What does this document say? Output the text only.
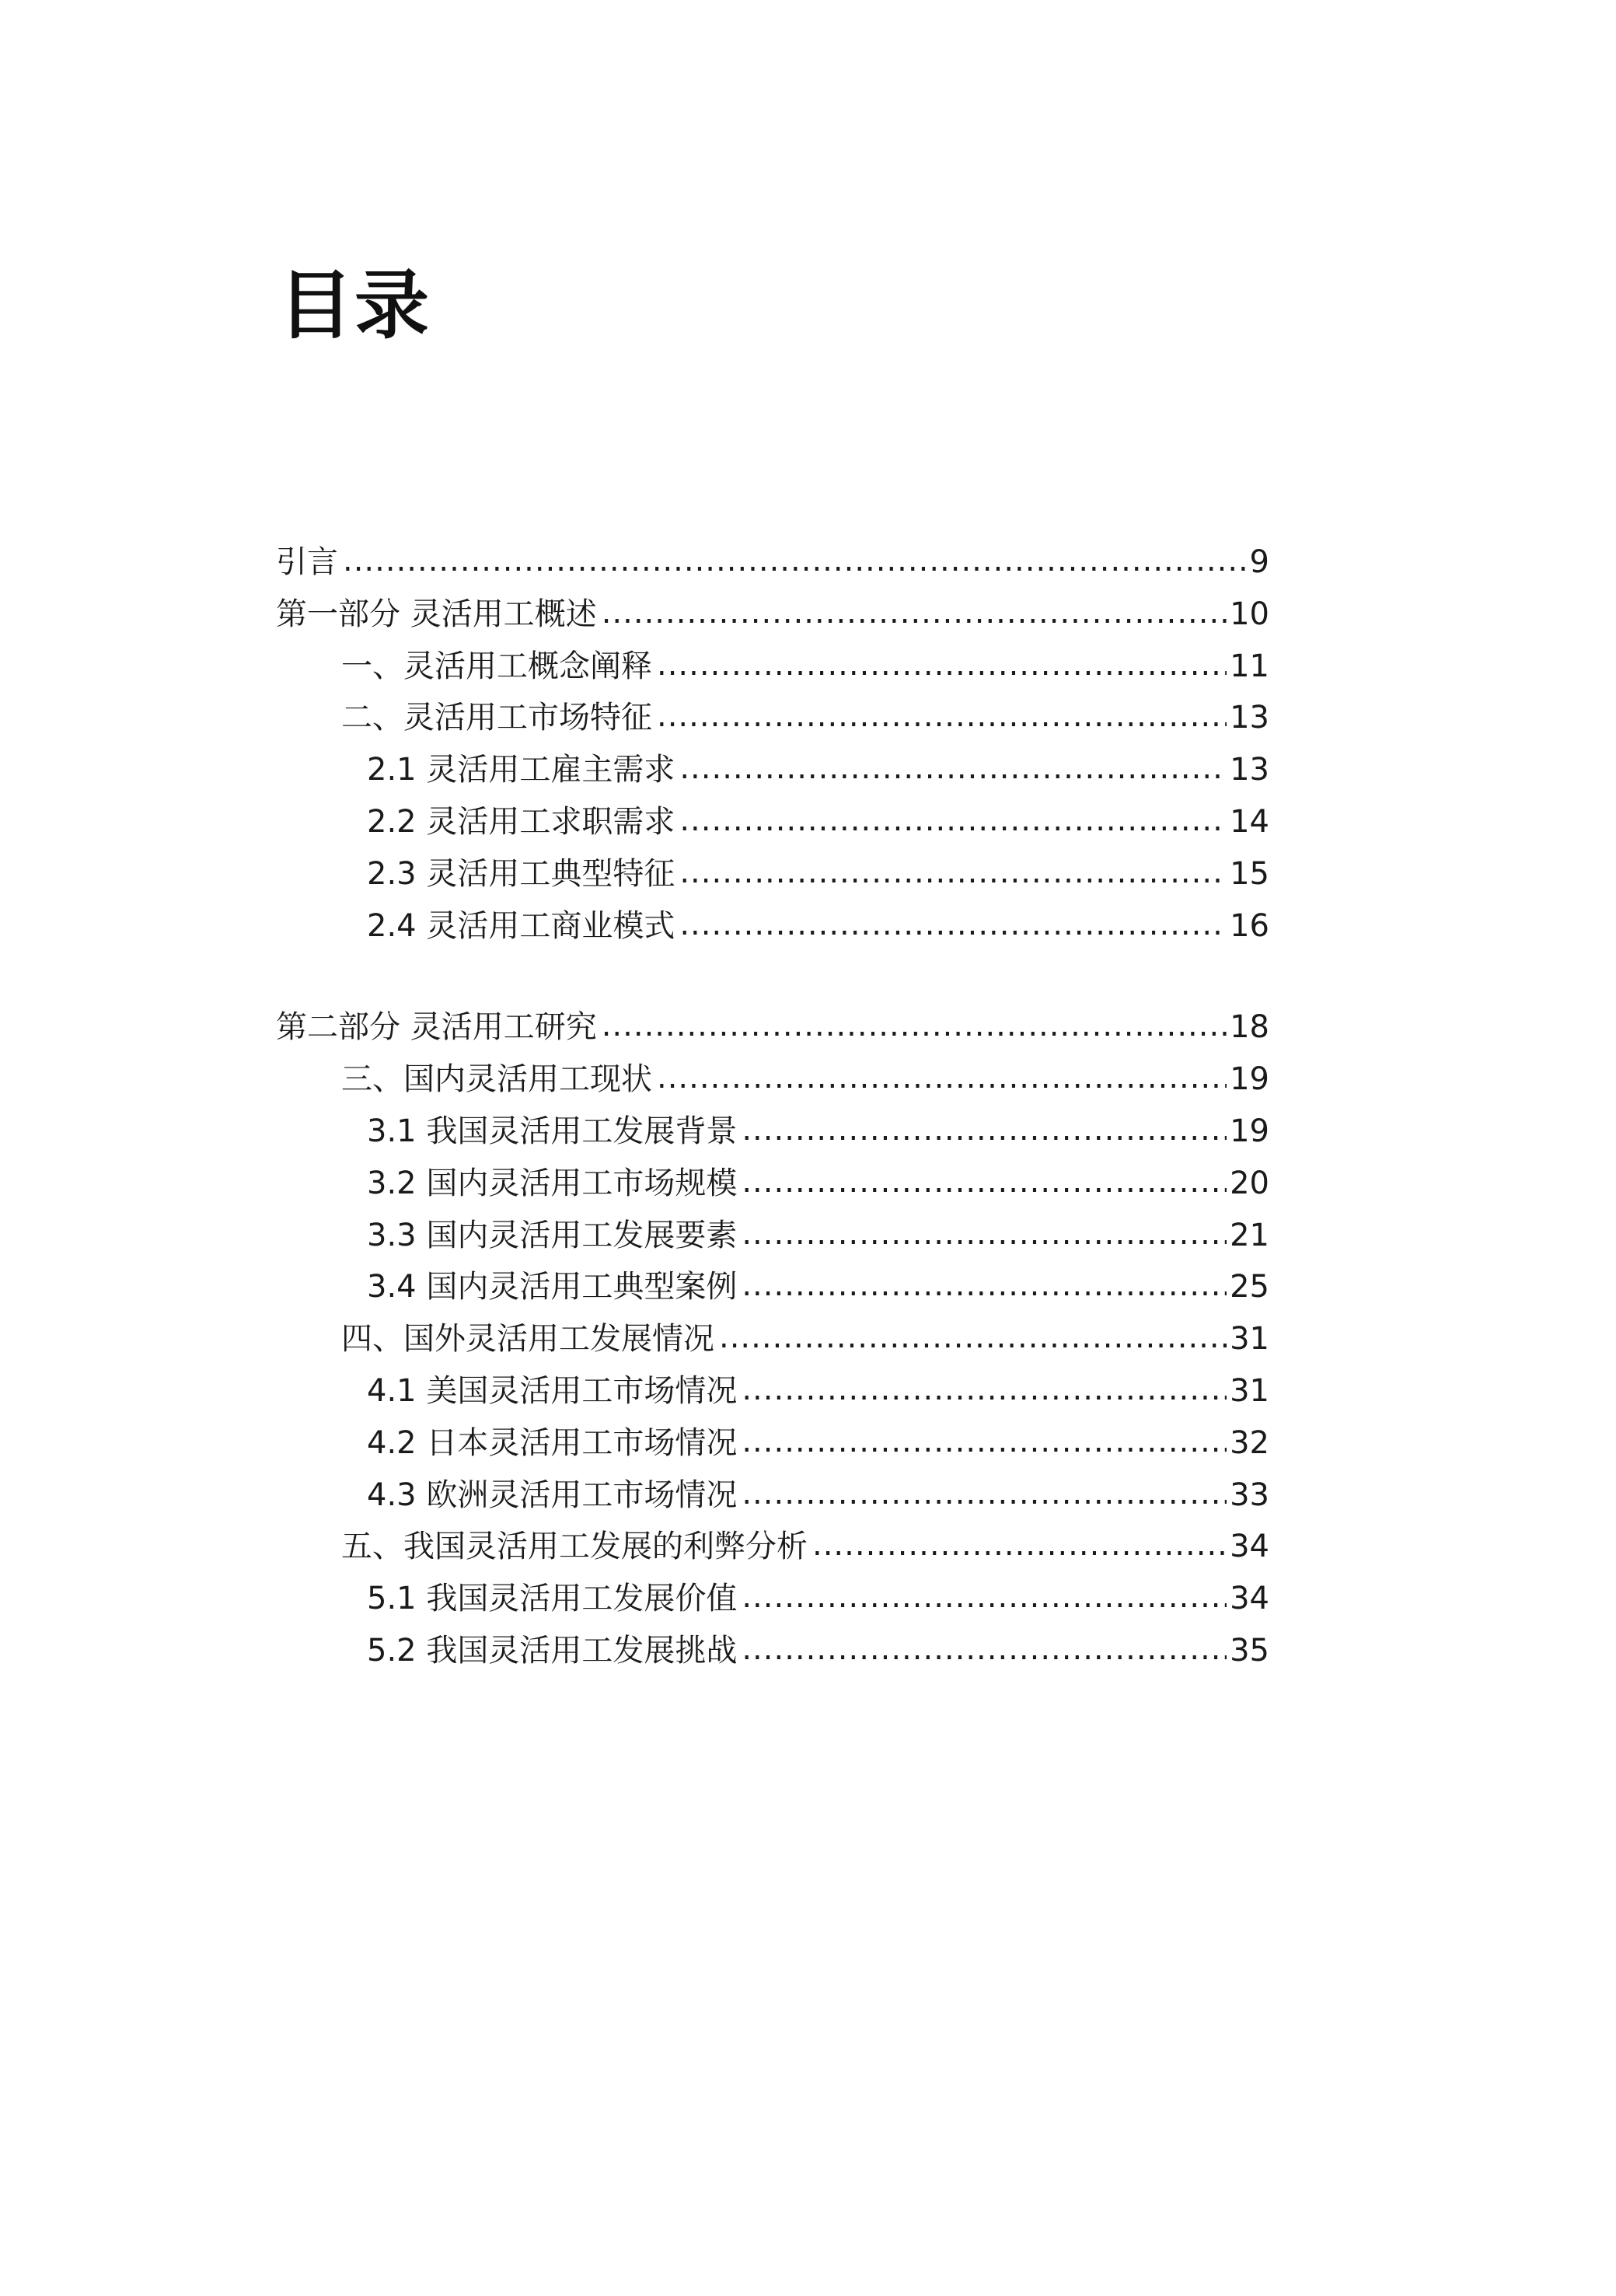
目录
引言 .....	9
第一部分 灵活用工概述 .....	10
一、灵活用工概念阐释 .....	11
二、灵活用工市场特征 .....	13
2.1 灵活用工雇主需求 .....	13
2.2 灵活用工求职需求 .....	14
2.3 灵活用工典型特征 .....	15
2.4 灵活用工商业模式 .....	16
第二部分 灵活用工研究 .....	18
三、国内灵活用工现状 .....	19
3.1 我国灵活用工发展背景 .....	19
3.2 国内灵活用工市场规模 .....	20
3.3 国内灵活用工发展要素 .....	21
3.4 国内灵活用工典型案例 .....	25
四、国外灵活用工发展情况 .....	31
4.1 美国灵活用工市场情况 .....	31
4.2 日本灵活用工市场情况 .....	32
4.3 欧洲灵活用工市场情况 .....	33
五、我国灵活用工发展的利弊分析 .....	34
5.1 我国灵活用工发展价值 .....	34
5.2 我国灵活用工发展挑战 .....	35
